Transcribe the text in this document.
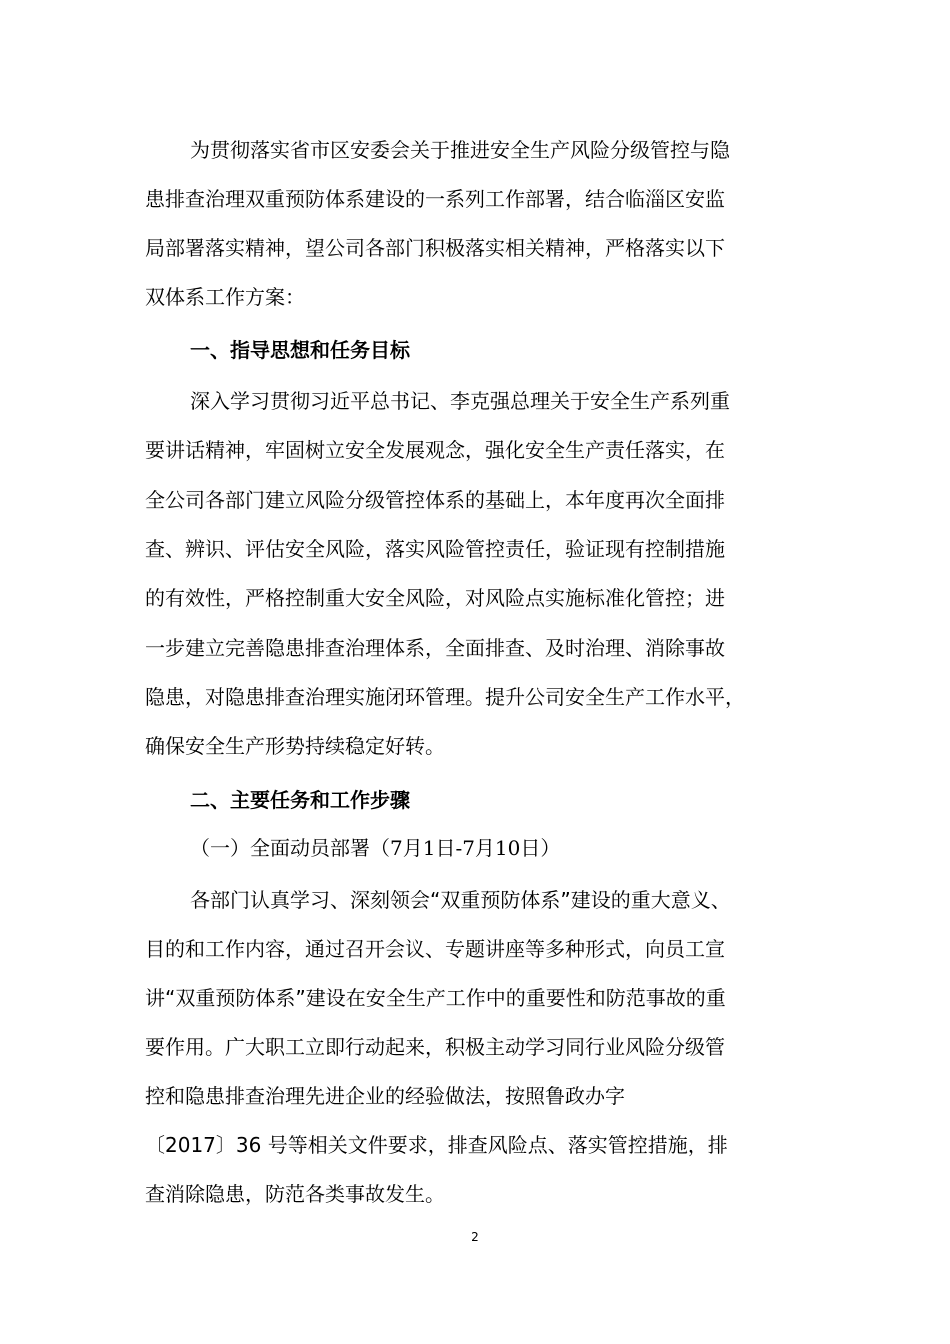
为贯彻落实省市区安委会关于推进安全生产风险分级管控与隐
患排查治理双重预防体系建设的一系列工作部署，结合临淄区安监
局部署落实精神，望公司各部门积极落实相关精神，严格落实以下
双体系工作方案：
一、指导思想和任务目标
深入学习贯彻习近平总书记、李克强总理关于安全生产系列重
要讲话精神，牢固树立安全发展观念，强化安全生产责任落实，在
全公司各部门建立风险分级管控体系的基础上，本年度再次全面排
查、辨识、评估安全风险，落实风险管控责任，验证现有控制措施
的有效性，严格控制重大安全风险，对风险点实施标准化管控；进
一步建立完善隐患排查治理体系，全面排查、及时治理、消除事故
隐患，对隐患排查治理实施闭环管理。提升公司安全生产工作水平，
确保安全生产形势持续稳定好转。
二、主要任务和工作步骤
（一）全面动员部署（7月1日-7月10日）
各部门认真学习、深刻领会“双重预防体系”建设的重大意义、
目的和工作内容，通过召开会议、专题讲座等多种形式，向员工宣
讲“双重预防体系”建设在安全生产工作中的重要性和防范事故的重
要作用。广大职工立即行动起来，积极主动学习同行业风险分级管
控和隐患排查治理先进企业的经验做法，按照鲁政办字
〔2017〕36 号等相关文件要求，排查风险点、落实管控措施，排
查消除隐患，防范各类事故发生。
2
